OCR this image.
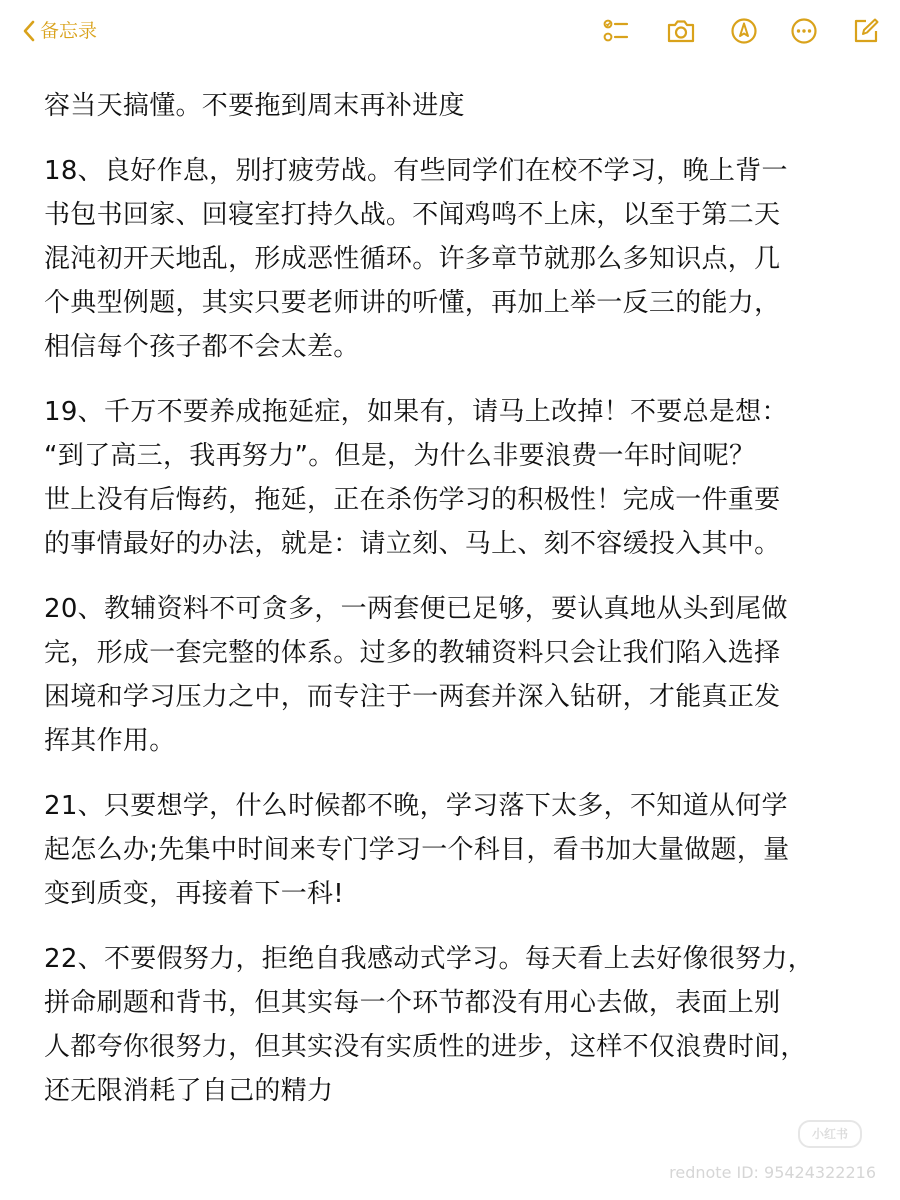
备忘录

容当天搞懂。不要拖到周末再补进度

18、良好作息，别打疲劳战。有些同学们在校不学习，晚上背一
书包书回家、回寝室打持久战。不闻鸡鸣不上床，以至于第二天
混沌初开天地乱，形成恶性循环。许多章节就那么多知识点，几
个典型例题，其实只要老师讲的听懂，再加上举一反三的能力，
相信每个孩子都不会太差。

19、千万不要养成拖延症，如果有，请马上改掉！不要总是想：
“到了高三，我再努力”。但是，为什么非要浪费一年时间呢？
世上没有后悔药，拖延，正在杀伤学习的积极性！完成一件重要
的事情最好的办法，就是：请立刻、马上、刻不容缓投入其中。

20、教辅资料不可贪多，一两套便已足够，要认真地从头到尾做
完，形成一套完整的体系。过多的教辅资料只会让我们陷入选择
困境和学习压力之中，而专注于一两套并深入钻研，才能真正发
挥其作用。

21、只要想学，什么时候都不晚，学习落下太多，不知道从何学
起怎么办;先集中时间来专门学习一个科目，看书加大量做题，量
变到质变，再接着下一科!

22、不要假努力，拒绝自我感动式学习。每天看上去好像很努力，
拼命刷题和背书，但其实每一个环节都没有用心去做，表面上别
人都夸你很努力，但其实没有实质性的进步，这样不仅浪费时间，
还无限消耗了自己的精力

小红书
rednote ID: 95424322216
